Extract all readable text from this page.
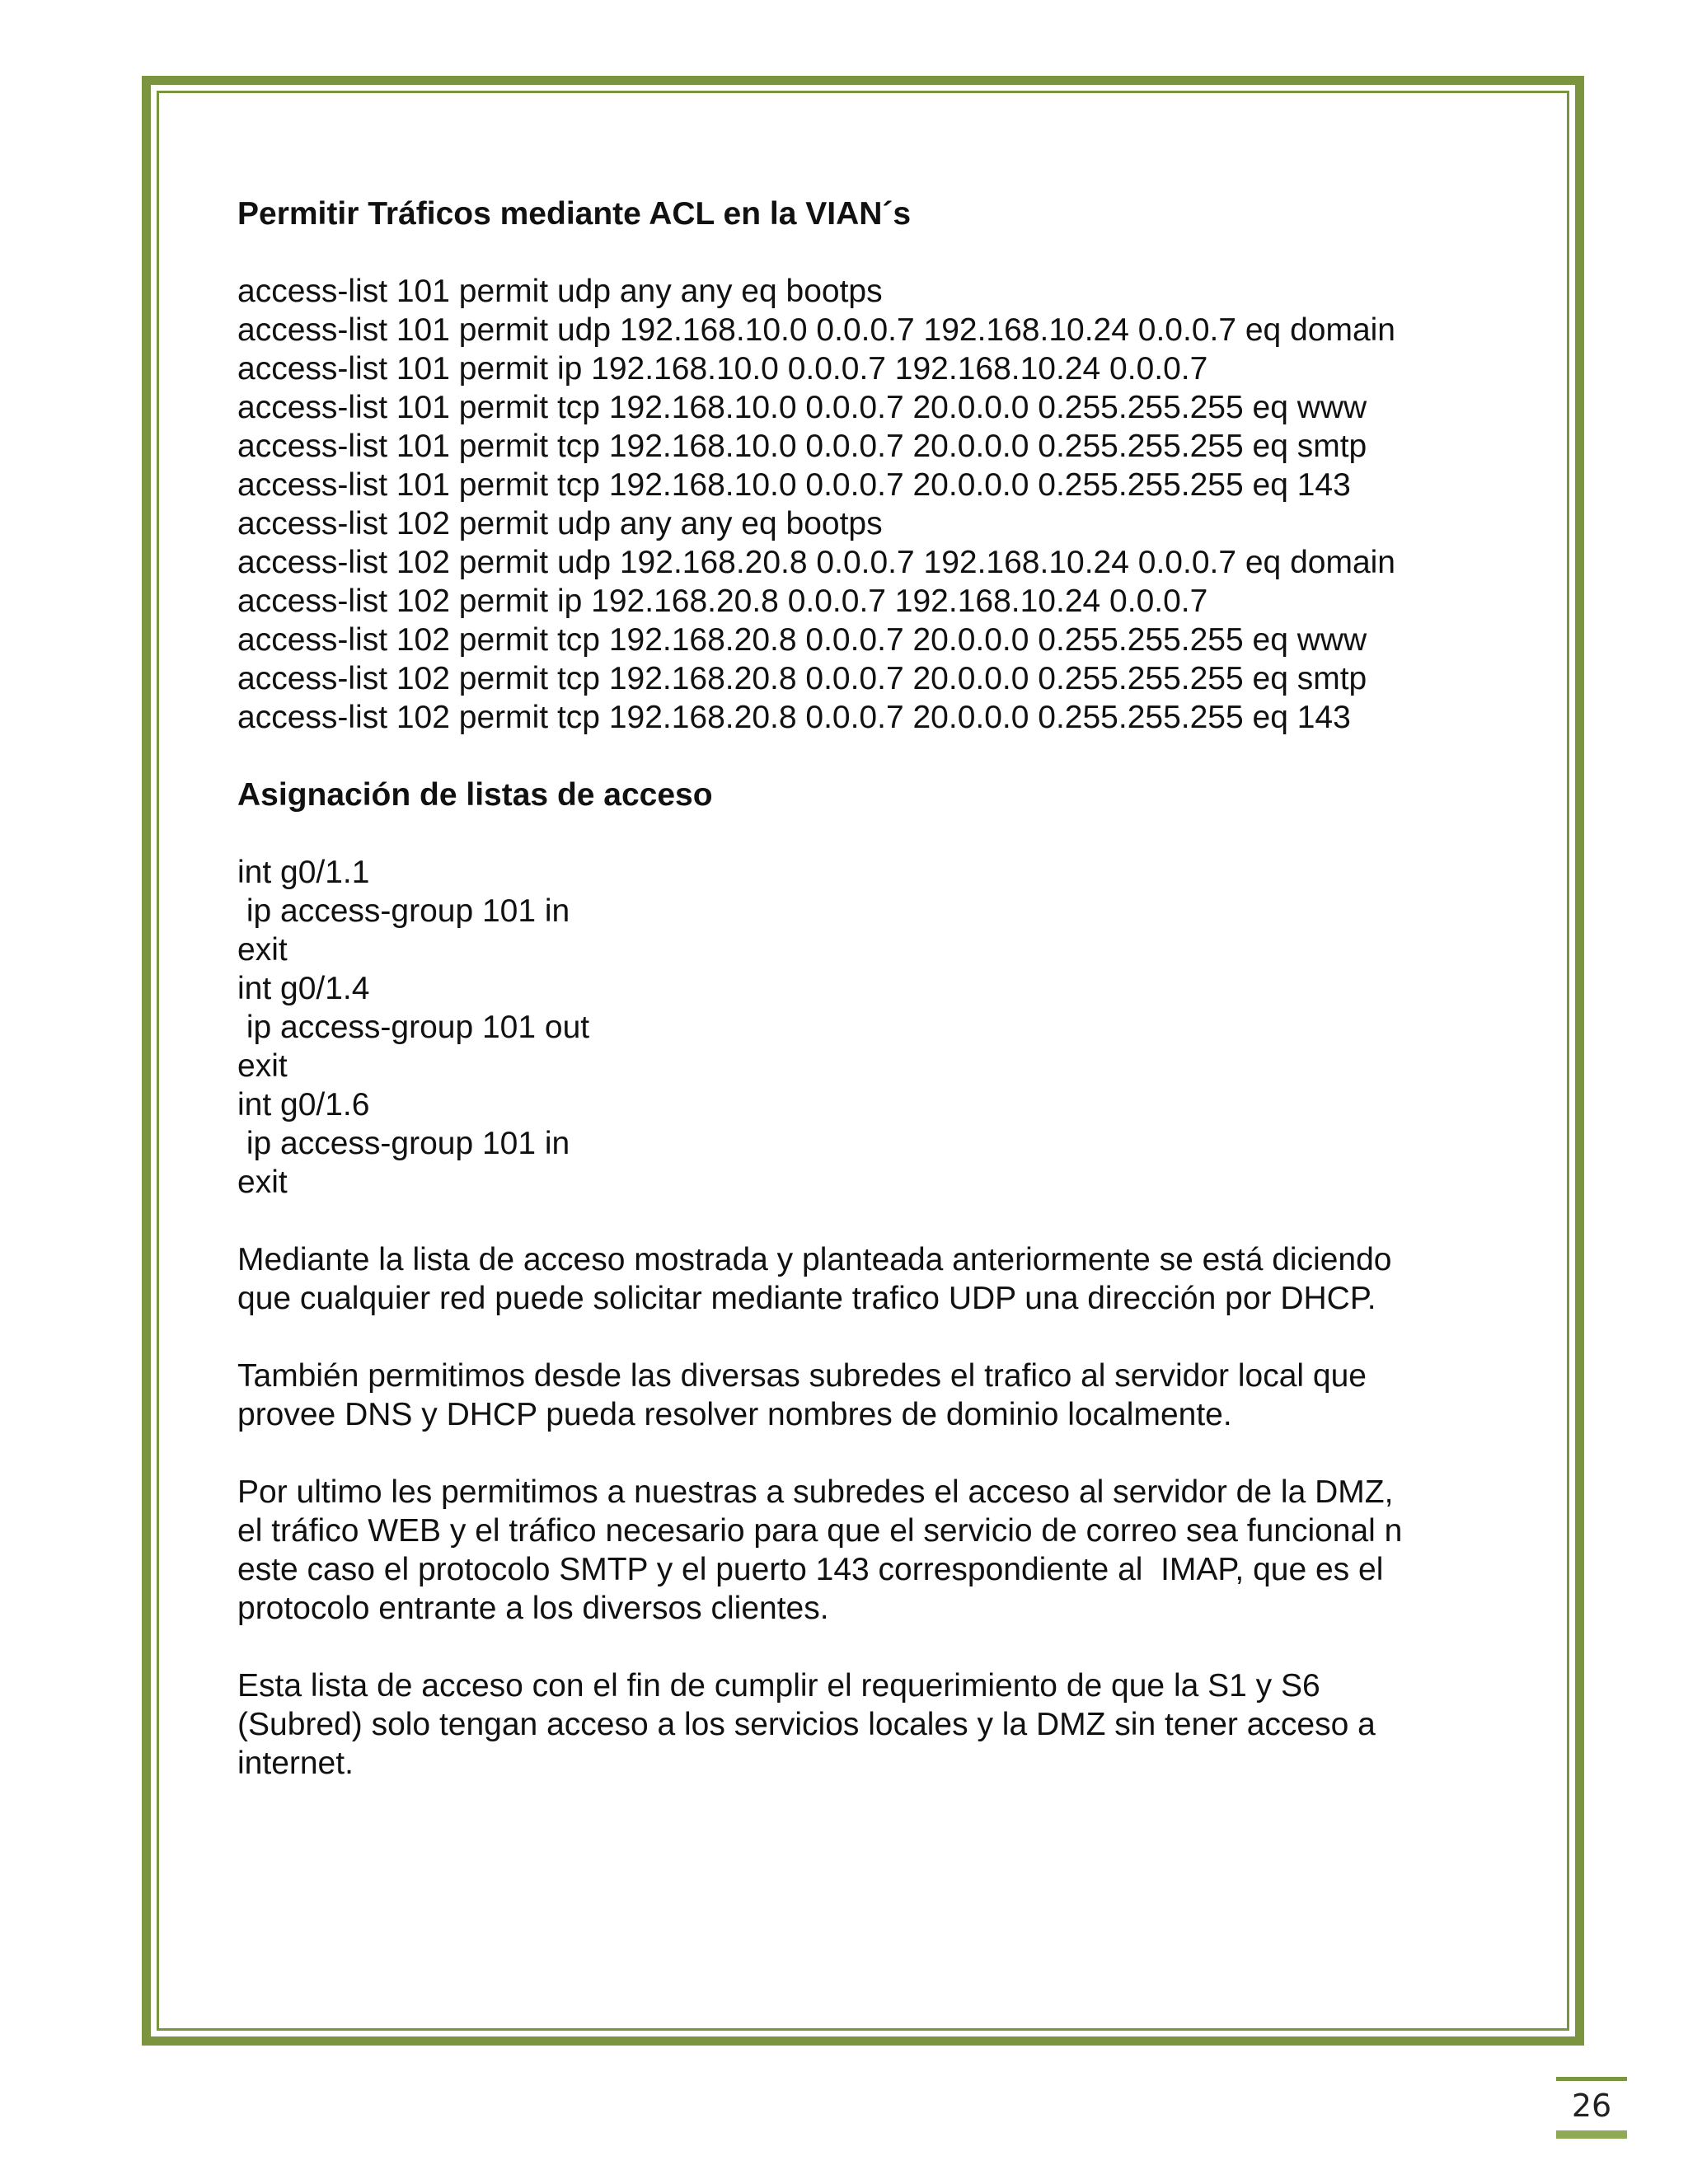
Permitir Tráficos mediante ACL en la VIAN´s

access-list 101 permit udp any any eq bootps
access-list 101 permit udp 192.168.10.0 0.0.0.7 192.168.10.24 0.0.0.7 eq domain
access-list 101 permit ip 192.168.10.0 0.0.0.7 192.168.10.24 0.0.0.7
access-list 101 permit tcp 192.168.10.0 0.0.0.7 20.0.0.0 0.255.255.255 eq www
access-list 101 permit tcp 192.168.10.0 0.0.0.7 20.0.0.0 0.255.255.255 eq smtp
access-list 101 permit tcp 192.168.10.0 0.0.0.7 20.0.0.0 0.255.255.255 eq 143
access-list 102 permit udp any any eq bootps
access-list 102 permit udp 192.168.20.8 0.0.0.7 192.168.10.24 0.0.0.7 eq domain
access-list 102 permit ip 192.168.20.8 0.0.0.7 192.168.10.24 0.0.0.7
access-list 102 permit tcp 192.168.20.8 0.0.0.7 20.0.0.0 0.255.255.255 eq www
access-list 102 permit tcp 192.168.20.8 0.0.0.7 20.0.0.0 0.255.255.255 eq smtp
access-list 102 permit tcp 192.168.20.8 0.0.0.7 20.0.0.0 0.255.255.255 eq 143

Asignación de listas de acceso

int g0/1.1
ip access-group 101 in
exit
int g0/1.4
ip access-group 101 out
exit
int g0/1.6
ip access-group 101 in
exit
Mediante la lista de acceso mostrada y planteada anteriormente se está diciendo
que cualquier red puede solicitar mediante trafico UDP una dirección por DHCP.
También permitimos desde las diversas subredes el trafico al servidor local que
provee DNS y DHCP pueda resolver nombres de dominio localmente.
Por ultimo les permitimos a nuestras a subredes el acceso al servidor de la DMZ,
el tráfico WEB y el tráfico necesario para que el servicio de correo sea funcional n
este caso el protocolo SMTP y el puerto 143 correspondiente al  IMAP, que es el
protocolo entrante a los diversos clientes.
Esta lista de acceso con el fin de cumplir el requerimiento de que la S1 y S6
(Subred) solo tengan acceso a los servicios locales y la DMZ sin tener acceso a
internet.
26
